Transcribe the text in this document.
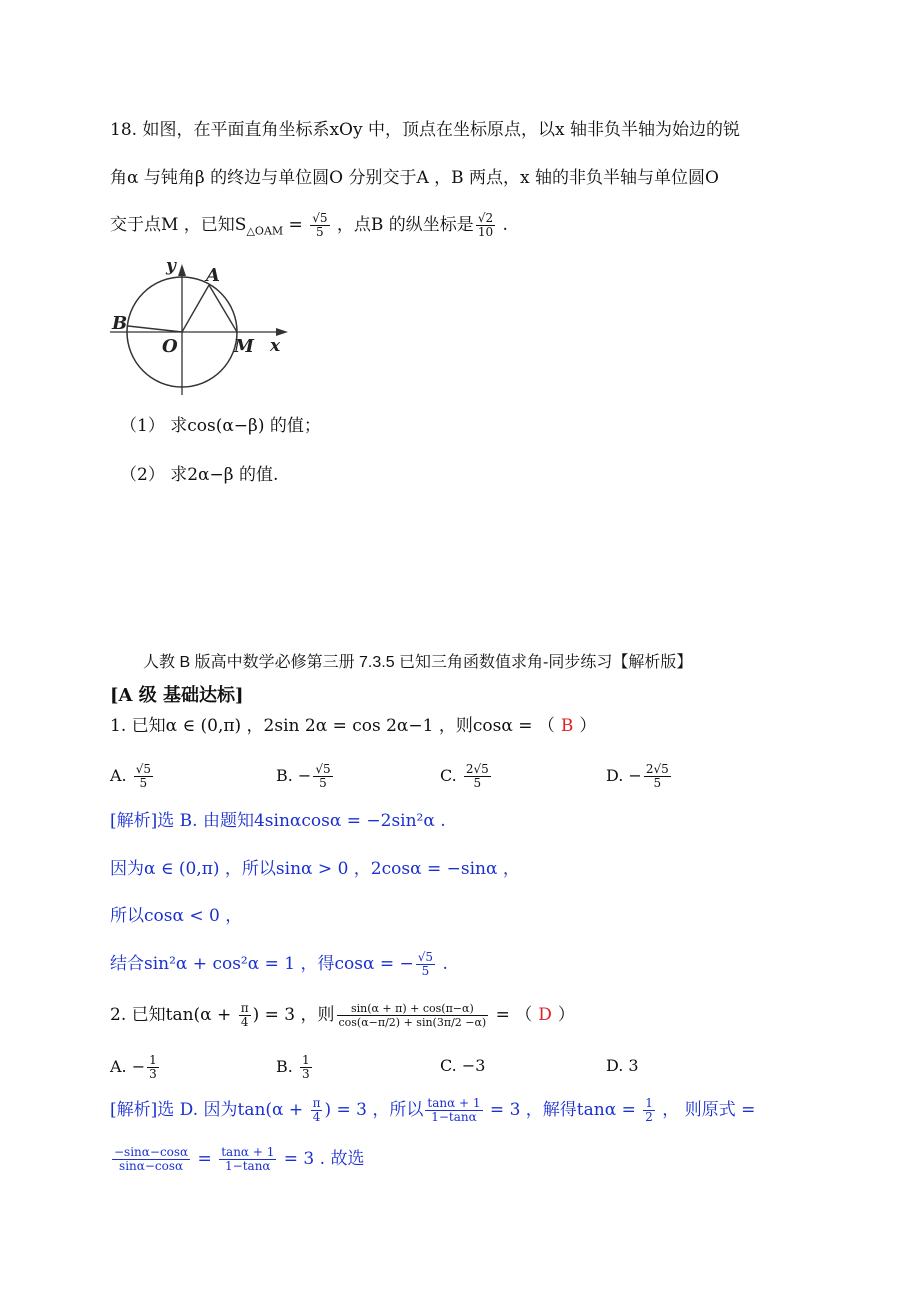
18. 如图，在平面直角坐标系xOy 中，顶点在坐标原点，以x 轴非负半轴为始边的锐
角α 与钝角β 的终边与单位圆O 分别交于A ，B 两点，x 轴的非负半轴与单位圆O
交于点M ，已知$S_{\triangle OAM} = \frac{√5}{5}$ ，点B 的纵坐标是 $\frac{√2}{10}$ .
y A
B
O	M x
（1） 求cos(α−β) 的值；
（2） 求2α−β 的值.
人教 B 版高中数学必修第三册 7.3.5 已知三角函数值求角-同步练习【解析版】
[A 级 基础达标]
1. 已知α ∈ (0,π) ，2sin 2α = cos 2α−1 ，则cosα = （ B ）
A. $\frac{√5}{5}$	B. − $\frac{√5}{5}$	C. $\frac{2√5}{5}$	D. − $\frac{2√5}{5}$
[解析]选 B. 由题知4sinαcosα = −2sin²α .
因为α ∈ (0,π) ，所以sinα > 0 ，2cosα = −sinα ，
所以cosα < 0 ，
结合sin²α + cos²α = 1 ，得cosα = − $\frac{√5}{5}$ .
2. 已知$\tan(\alpha + \frac{\pi}{4}$ ) = 3 ，则 $\frac{\sin(\alpha + \pi) + \cos(\pi-\alpha)}{\cos(\alpha-\pi/2) + \sin(3\pi/2 -\alpha)}$ = （ D ）
A. − $\frac{1}{3}$	B. $\frac{1}{3}$	C. −3	D. 3
[解析]选 D. 因为$\tan(\alpha + \frac{\pi}{4}$ ) = 3 ，所以 $\frac{\tan\alpha + 1}{1-\tan\alpha} = 3$ ，解得$\tan\alpha = \frac{1}{2}$ ， 则原式 =
$\frac{-\sin\alpha-\cos\alpha}{\sin\alpha-\cos\alpha} = \frac{\tan\alpha + 1}{1-\tan\alpha} = 3$ . 故选
